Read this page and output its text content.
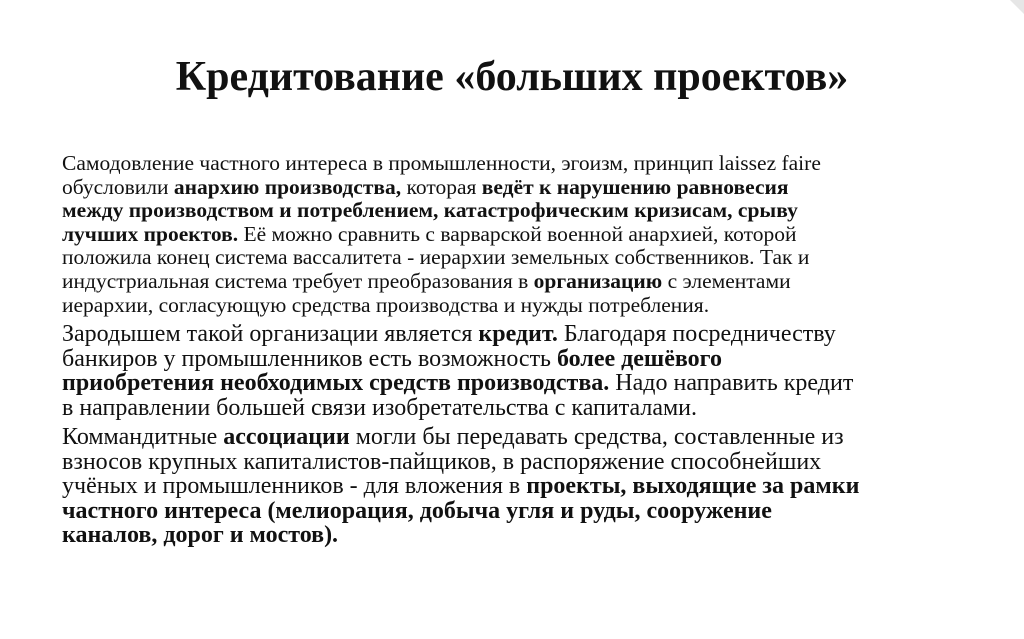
Кредитование «больших проектов»

Самодовление частного интереса в промышленности, эгоизм, принцип laissez faire
обусловили анархию производства, которая ведёт к нарушению равновесия
между производством и потреблением, катастрофическим кризисам, срыву
лучших проектов. Её можно сравнить с варварской военной анархией, которой
положила конец система вассалитета - иерархии земельных собственников. Так и
индустриальная система требует преобразования в организацию с элементами
иерархии, согласующую средства производства и нужды потребления.

Зародышем такой организации является кредит. Благодаря посредничеству
банкиров у промышленников есть возможность более дешёвого
приобретения необходимых средств производства. Надо направить кредит
в направлении большей связи изобретательства с капиталами.

Коммандитные ассоциации могли бы передавать средства, составленные из
взносов крупных капиталистов-пайщиков, в распоряжение способнейших
учёных и промышленников - для вложения в проекты, выходящие за рамки
частного интереса (мелиорация, добыча угля и руды, сооружение
каналов, дорог и мостов).
